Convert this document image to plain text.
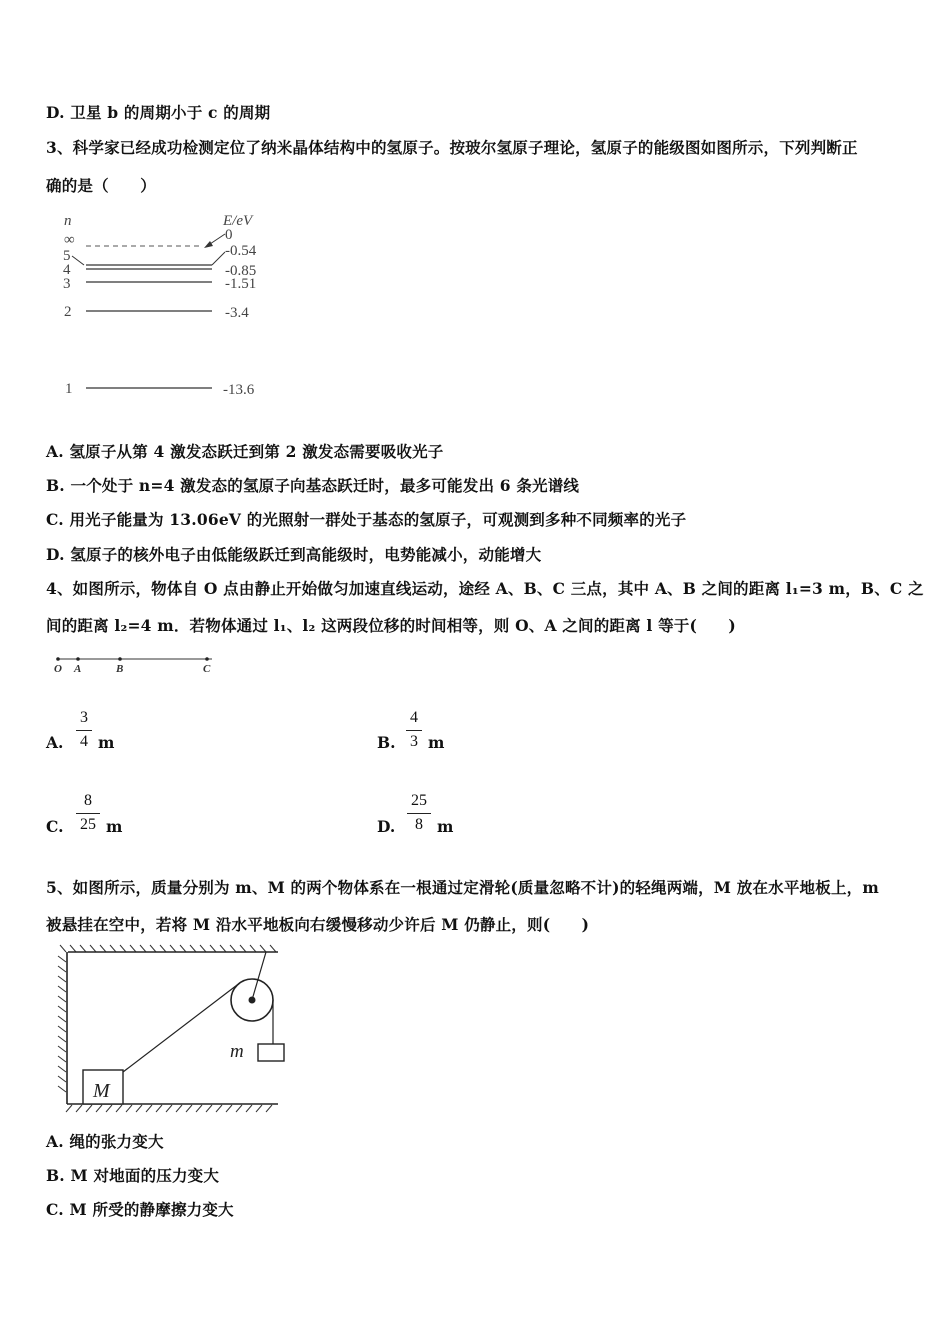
D. 卫星 b 的周期小于 c 的周期
3、科学家已经成功检测定位了纳米晶体结构中的氢原子。按玻尔氢原子理论，氢原子的能级图如图所示，下列判断正
确的是（　　）
n	E/eV
∞	0
5	-0.54
4	-0.85
3	-1.51
2	-3.4
1	-13.6
A. 氢原子从第 4 激发态跃迁到第 2 激发态需要吸收光子
B. 一个处于 n=4 激发态的氢原子向基态跃迁时，最多可能发出 6 条光谱线
C. 用光子能量为 13.06eV 的光照射一群处于基态的氢原子，可观测到多种不同频率的光子
D. 氢原子的核外电子由低能级跃迁到高能级时，电势能减小，动能增大
4、如图所示，物体自 O 点由静止开始做匀加速直线运动，途经 A、B、C 三点，其中 A、B 之间的距离 l₁=3 m，B、C 之
间的距离 l₂=4 m．若物体通过 l₁、l₂ 这两段位移的时间相等，则 O、A 之间的距离 l 等于(　　)
O A	B	C
A.
3
4 m	B.
4
3 m
C.
8
25 m	D.
25
8 m
5、如图所示，质量分别为 m、M 的两个物体系在一根通过定滑轮(质量忽略不计)的轻绳两端，M 放在水平地板上，m
被悬挂在空中，若将 M 沿水平地板向右缓慢移动少许后 M 仍静止，则(　　)
M
m
A. 绳的张力变大
B. M 对地面的压力变大
C. M 所受的静摩擦力变大
